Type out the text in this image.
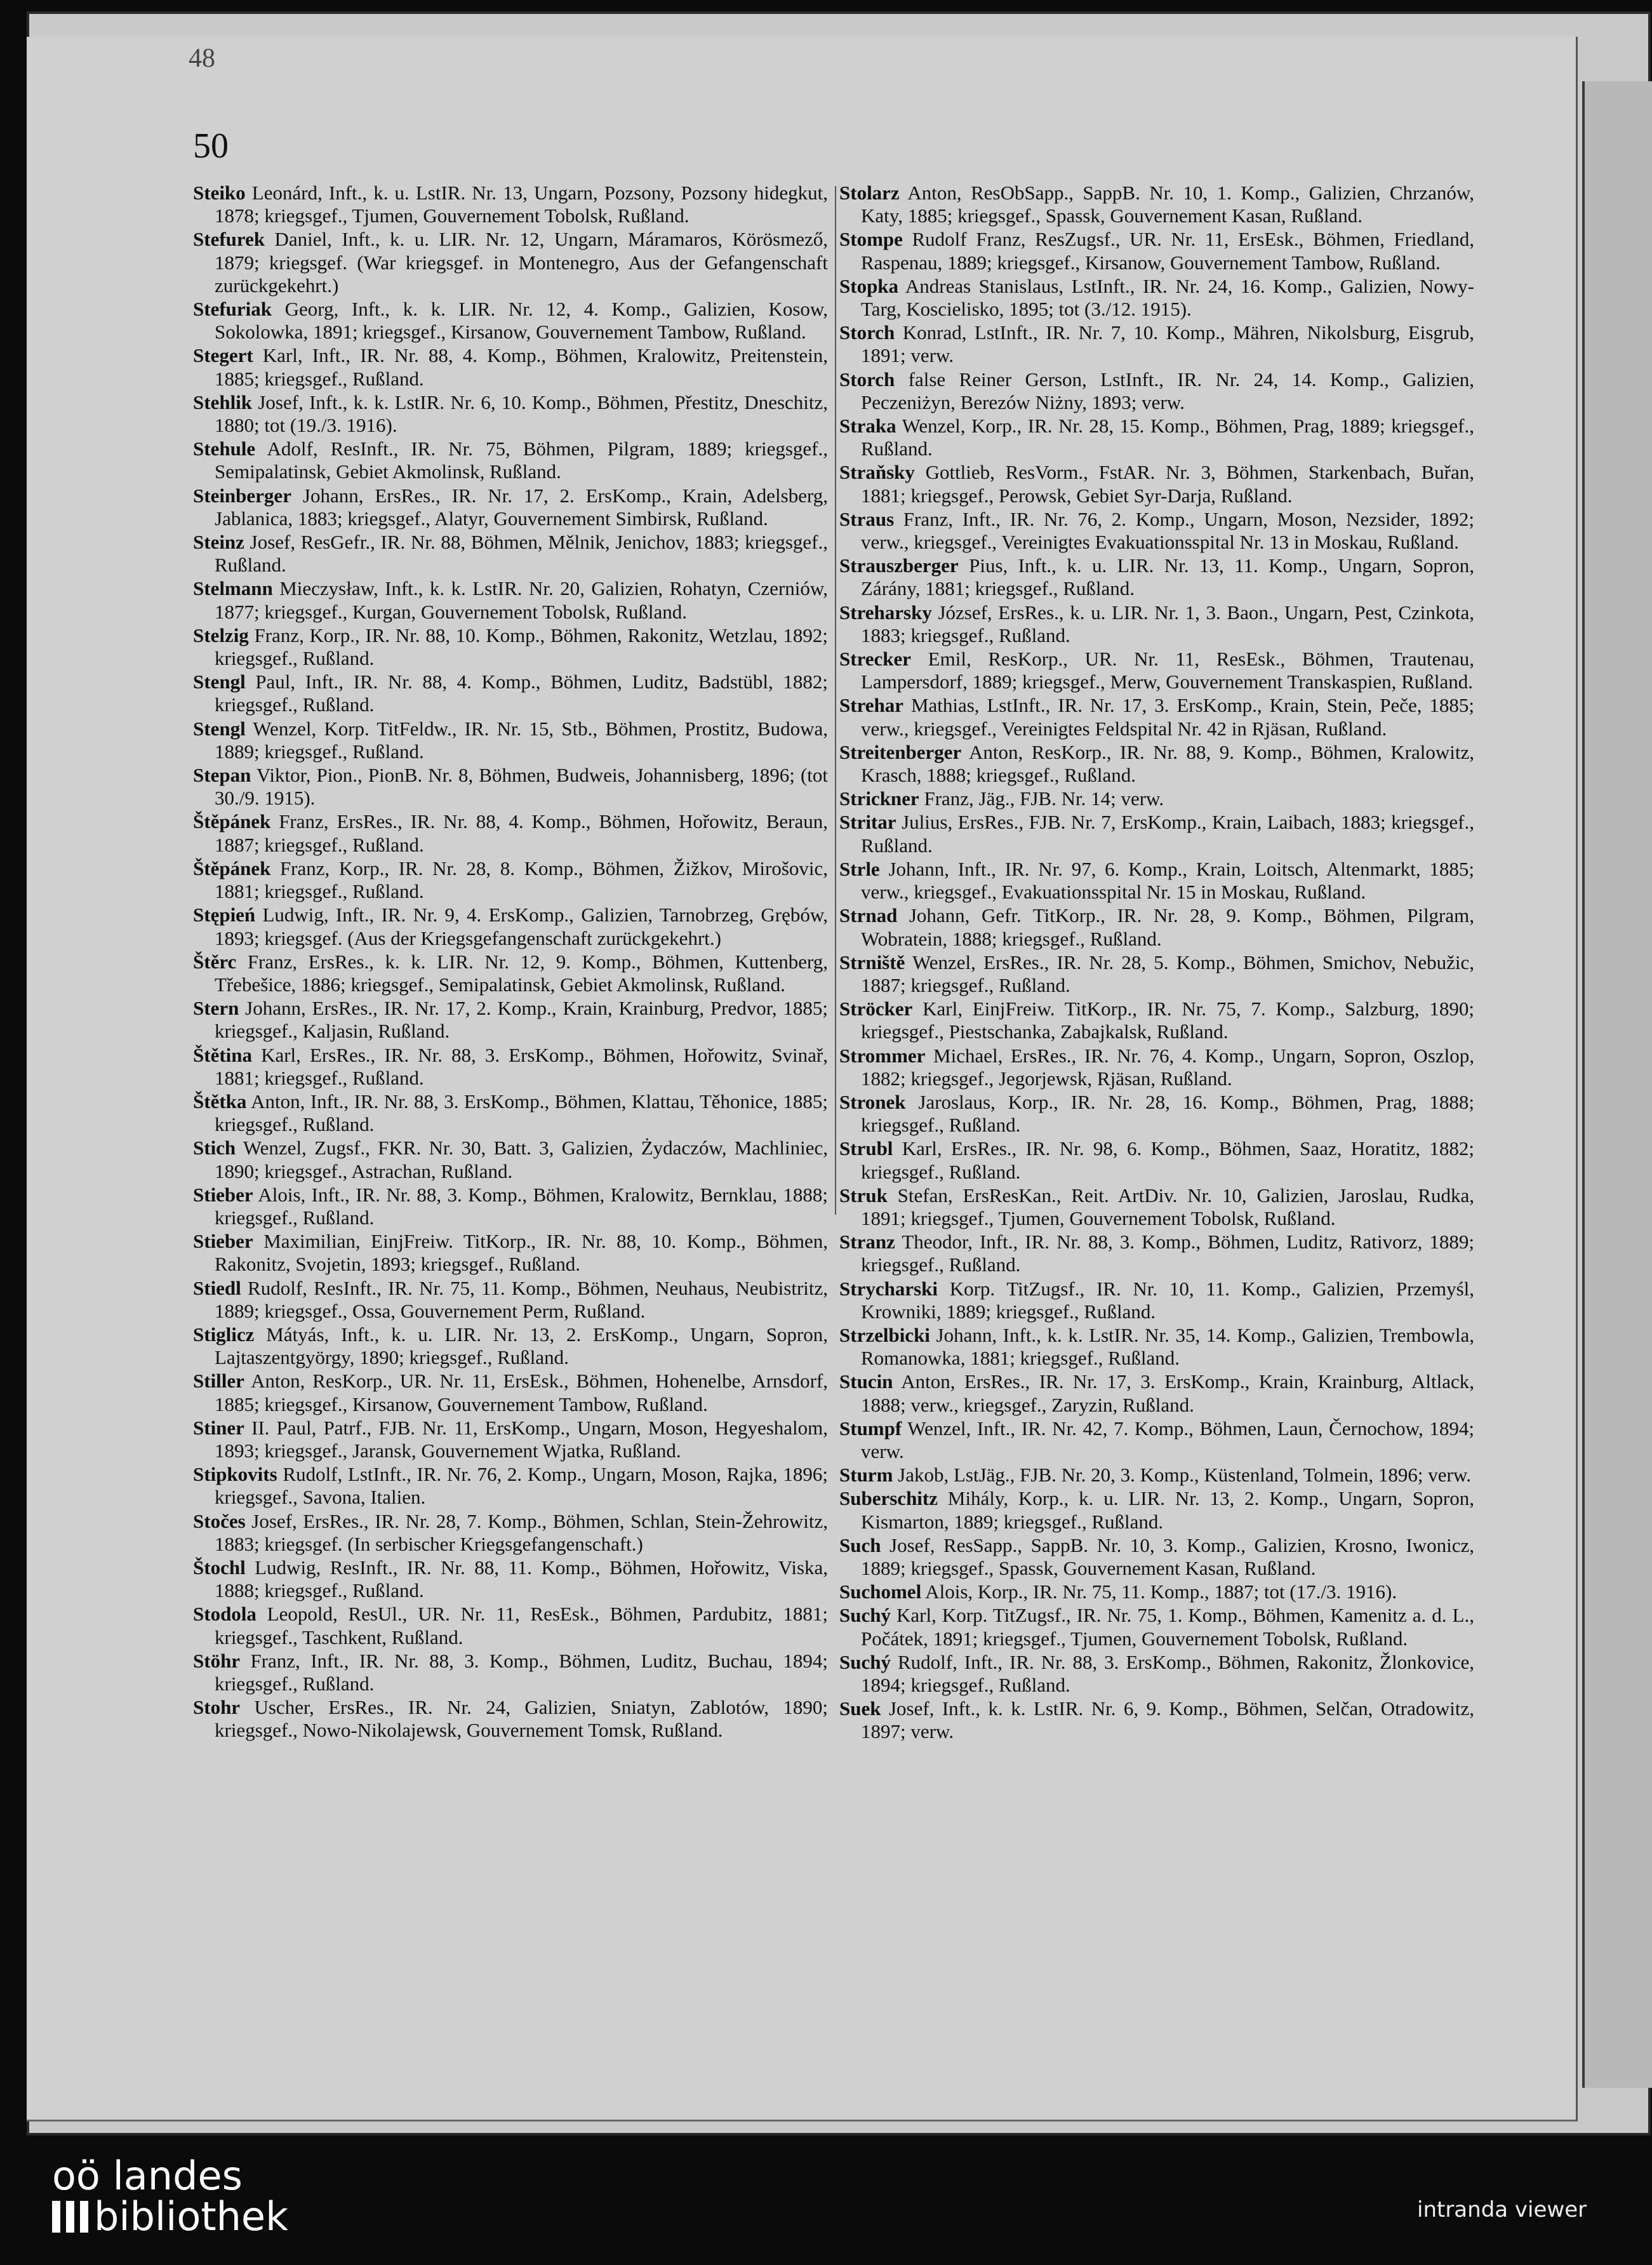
48
50
Steiko Leonárd, Inft., k. u. LstIR. Nr. 13, Ungarn, Pozsony, Pozsony hidegkut, 1878; kriegsgef., Tjumen, Gouvernement Tobolsk, Rußland.
Stefurek Daniel, Inft., k. u. LIR. Nr. 12, Ungarn, Máramaros, Körösmező, 1879; kriegsgef. (War kriegsgef. in Montenegro, Aus der Gefangenschaft zurückgekehrt.)
Stefuriak Georg, Inft., k. k. LIR. Nr. 12, 4. Komp., Galizien, Kosow, Sokolowka, 1891; kriegsgef., Kirsanow, Gouvernement Tambow, Rußland.
Stegert Karl, Inft., IR. Nr. 88, 4. Komp., Böhmen, Kralowitz, Preitenstein, 1885; kriegsgef., Rußland.
Stehlik Josef, Inft., k. k. LstIR. Nr. 6, 10. Komp., Böhmen, Přestitz, Dneschitz, 1880; tot (19./3. 1916).
Stehule Adolf, ResInft., IR. Nr. 75, Böhmen, Pilgram, 1889; kriegsgef., Semipalatinsk, Gebiet Akmolinsk, Rußland.
Steinberger Johann, ErsRes., IR. Nr. 17, 2. ErsKomp., Krain, Adelsberg, Jablanica, 1883; kriegsgef., Alatyr, Gouvernement Simbirsk, Rußland.
Steinz Josef, ResGefr., IR. Nr. 88, Böhmen, Mělnik, Jenichov, 1883; kriegsgef., Rußland.
Stelmann Mieczysław, Inft., k. k. LstIR. Nr. 20, Galizien, Rohatyn, Czerniów, 1877; kriegsgef., Kurgan, Gouvernement Tobolsk, Rußland.
Stelzig Franz, Korp., IR. Nr. 88, 10. Komp., Böhmen, Rakonitz, Wetzlau, 1892; kriegsgef., Rußland.
Stengl Paul, Inft., IR. Nr. 88, 4. Komp., Böhmen, Luditz, Badstübl, 1882; kriegsgef., Rußland.
Stengl Wenzel, Korp. TitFeldw., IR. Nr. 15, Stb., Böhmen, Prostitz, Budowa, 1889; kriegsgef., Rußland.
Stepan Viktor, Pion., PionB. Nr. 8, Böhmen, Budweis, Johannisberg, 1896; (tot 30./9. 1915).
Štěpánek Franz, ErsRes., IR. Nr. 88, 4. Komp., Böhmen, Hořowitz, Beraun, 1887; kriegsgef., Rußland.
Štěpánek Franz, Korp., IR. Nr. 28, 8. Komp., Böhmen, Žižkov, Mirošovic, 1881; kriegsgef., Rußland.
Stępień Ludwig, Inft., IR. Nr. 9, 4. ErsKomp., Galizien, Tarnobrzeg, Grębów, 1893; kriegsgef. (Aus der Kriegsgefangenschaft zurückgekehrt.)
Štěrc Franz, ErsRes., k. k. LIR. Nr. 12, 9. Komp., Böhmen, Kuttenberg, Třebešice, 1886; kriegsgef., Semipalatinsk, Gebiet Akmolinsk, Rußland.
Stern Johann, ErsRes., IR. Nr. 17, 2. Komp., Krain, Krainburg, Predvor, 1885; kriegsgef., Kaljasin, Rußland.
Štětina Karl, ErsRes., IR. Nr. 88, 3. ErsKomp., Böhmen, Hořowitz, Svinař, 1881; kriegsgef., Rußland.
Štětka Anton, Inft., IR. Nr. 88, 3. ErsKomp., Böhmen, Klattau, Těhonice, 1885; kriegsgef., Rußland.
Stich Wenzel, Zugsf., FKR. Nr. 30, Batt. 3, Galizien, Żydaczów, Machliniec, 1890; kriegsgef., Astrachan, Rußland.
Stieber Alois, Inft., IR. Nr. 88, 3. Komp., Böhmen, Kralowitz, Bernklau, 1888; kriegsgef., Rußland.
Stieber Maximilian, EinjFreiw. TitKorp., IR. Nr. 88, 10. Komp., Böhmen, Rakonitz, Svojetin, 1893; kriegsgef., Rußland.
Stiedl Rudolf, ResInft., IR. Nr. 75, 11. Komp., Böhmen, Neuhaus, Neubistritz, 1889; kriegsgef., Ossa, Gouvernement Perm, Rußland.
Stiglicz Mátyás, Inft., k. u. LIR. Nr. 13, 2. ErsKomp., Ungarn, Sopron, Lajtaszentgyörgy, 1890; kriegsgef., Rußland.
Stiller Anton, ResKorp., UR. Nr. 11, ErsEsk., Böhmen, Hohenelbe, Arnsdorf, 1885; kriegsgef., Kirsanow, Gouvernement Tambow, Rußland.
Stiner II. Paul, Patrf., FJB. Nr. 11, ErsKomp., Ungarn, Moson, Hegyeshalom, 1893; kriegsgef., Jaransk, Gouvernement Wjatka, Rußland.
Stipkovits Rudolf, LstInft., IR. Nr. 76, 2. Komp., Ungarn, Moson, Rajka, 1896; kriegsgef., Savona, Italien.
Stočes Josef, ErsRes., IR. Nr. 28, 7. Komp., Böhmen, Schlan, Stein-Žehrowitz, 1883; kriegsgef. (In serbischer Kriegsgefangenschaft.)
Štochl Ludwig, ResInft., IR. Nr. 88, 11. Komp., Böhmen, Hořowitz, Viska, 1888; kriegsgef., Rußland.
Stodola Leopold, ResUl., UR. Nr. 11, ResEsk., Böhmen, Pardubitz, 1881; kriegsgef., Taschkent, Rußland.
Stöhr Franz, Inft., IR. Nr. 88, 3. Komp., Böhmen, Luditz, Buchau, 1894; kriegsgef., Rußland.
Stohr Uscher, ErsRes., IR. Nr. 24, Galizien, Sniatyn, Zablotów, 1890; kriegsgef., Nowo-Nikolajewsk, Gouvernement Tomsk, Rußland.
Stolarz Anton, ResObSapp., SappB. Nr. 10, 1. Komp., Galizien, Chrzanów, Katy, 1885; kriegsgef., Spassk, Gouvernement Kasan, Rußland.
Stompe Rudolf Franz, ResZugsf., UR. Nr. 11, ErsEsk., Böhmen, Friedland, Raspenau, 1889; kriegsgef., Kirsanow, Gouvernement Tambow, Rußland.
Stopka Andreas Stanislaus, LstInft., IR. Nr. 24, 16. Komp., Galizien, Nowy-Targ, Koscielisko, 1895; tot (3./12. 1915).
Storch Konrad, LstInft., IR. Nr. 7, 10. Komp., Mähren, Nikolsburg, Eisgrub, 1891; verw.
Storch false Reiner Gerson, LstInft., IR. Nr. 24, 14. Komp., Galizien, Peczeniżyn, Berezów Niżny, 1893; verw.
Straka Wenzel, Korp., IR. Nr. 28, 15. Komp., Böhmen, Prag, 1889; kriegsgef., Rußland.
Straňsky Gottlieb, ResVorm., FstAR. Nr. 3, Böhmen, Starkenbach, Buřan, 1881; kriegsgef., Perowsk, Gebiet Syr-Darja, Rußland.
Straus Franz, Inft., IR. Nr. 76, 2. Komp., Ungarn, Moson, Nezsider, 1892; verw., kriegsgef., Vereinigtes Evakuationsspital Nr. 13 in Moskau, Rußland.
Strauszberger Pius, Inft., k. u. LIR. Nr. 13, 11. Komp., Ungarn, Sopron, Zárány, 1881; kriegsgef., Rußland.
Streharsky József, ErsRes., k. u. LIR. Nr. 1, 3. Baon., Ungarn, Pest, Czinkota, 1883; kriegsgef., Rußland.
Strecker Emil, ResKorp., UR. Nr. 11, ResEsk., Böhmen, Trautenau, Lampersdorf, 1889; kriegsgef., Merw, Gouvernement Transkaspien, Rußland.
Strehar Mathias, LstInft., IR. Nr. 17, 3. ErsKomp., Krain, Stein, Peče, 1885; verw., kriegsgef., Vereinigtes Feldspital Nr. 42 in Rjäsan, Rußland.
Streitenberger Anton, ResKorp., IR. Nr. 88, 9. Komp., Böhmen, Kralowitz, Krasch, 1888; kriegsgef., Rußland.
Strickner Franz, Jäg., FJB. Nr. 14; verw.
Stritar Julius, ErsRes., FJB. Nr. 7, ErsKomp., Krain, Laibach, 1883; kriegsgef., Rußland.
Strle Johann, Inft., IR. Nr. 97, 6. Komp., Krain, Loitsch, Altenmarkt, 1885; verw., kriegsgef., Evakuationsspital Nr. 15 in Moskau, Rußland.
Strnad Johann, Gefr. TitKorp., IR. Nr. 28, 9. Komp., Böhmen, Pilgram, Wobratein, 1888; kriegsgef., Rußland.
Strniště Wenzel, ErsRes., IR. Nr. 28, 5. Komp., Böhmen, Smichov, Nebužic, 1887; kriegsgef., Rußland.
Ströcker Karl, EinjFreiw. TitKorp., IR. Nr. 75, 7. Komp., Salzburg, 1890; kriegsgef., Piestschanka, Zabajkalsk, Rußland.
Strommer Michael, ErsRes., IR. Nr. 76, 4. Komp., Ungarn, Sopron, Oszlop, 1882; kriegsgef., Jegorjewsk, Rjäsan, Rußland.
Stronek Jaroslaus, Korp., IR. Nr. 28, 16. Komp., Böhmen, Prag, 1888; kriegsgef., Rußland.
Strubl Karl, ErsRes., IR. Nr. 98, 6. Komp., Böhmen, Saaz, Horatitz, 1882; kriegsgef., Rußland.
Struk Stefan, ErsResKan., Reit. ArtDiv. Nr. 10, Galizien, Jaroslau, Rudka, 1891; kriegsgef., Tjumen, Gouvernement Tobolsk, Rußland.
Stranz Theodor, Inft., IR. Nr. 88, 3. Komp., Böhmen, Luditz, Rativorz, 1889; kriegsgef., Rußland.
Strycharski Korp. TitZugsf., IR. Nr. 10, 11. Komp., Galizien, Przemyśl, Krowniki, 1889; kriegsgef., Rußland.
Strzelbicki Johann, Inft., k. k. LstIR. Nr. 35, 14. Komp., Galizien, Trembowla, Romanowka, 1881; kriegsgef., Rußland.
Stucin Anton, ErsRes., IR. Nr. 17, 3. ErsKomp., Krain, Krainburg, Altlack, 1888; verw., kriegsgef., Zaryzin, Rußland.
Stumpf Wenzel, Inft., IR. Nr. 42, 7. Komp., Böhmen, Laun, Černochow, 1894; verw.
Sturm Jakob, LstJäg., FJB. Nr. 20, 3. Komp., Küstenland, Tolmein, 1896; verw.
Suberschitz Mihály, Korp., k. u. LIR. Nr. 13, 2. Komp., Ungarn, Sopron, Kismarton, 1889; kriegsgef., Rußland.
Such Josef, ResSapp., SappB. Nr. 10, 3. Komp., Galizien, Krosno, Iwonicz, 1889; kriegsgef., Spassk, Gouvernement Kasan, Rußland.
Suchomel Alois, Korp., IR. Nr. 75, 11. Komp., 1887; tot (17./3. 1916).
Suchý Karl, Korp. TitZugsf., IR. Nr. 75, 1. Komp., Böhmen, Kamenitz a. d. L., Počátek, 1891; kriegsgef., Tjumen, Gouvernement Tobolsk, Rußland.
Suchý Rudolf, Inft., IR. Nr. 88, 3. ErsKomp., Böhmen, Rakonitz, Žlonkovice, 1894; kriegsgef., Rußland.
Suek Josef, Inft., k. k. LstIR. Nr. 6, 9. Komp., Böhmen, Selčan, Otradowitz, 1897; verw.
oö landes
bibliothek	intranda viewer
